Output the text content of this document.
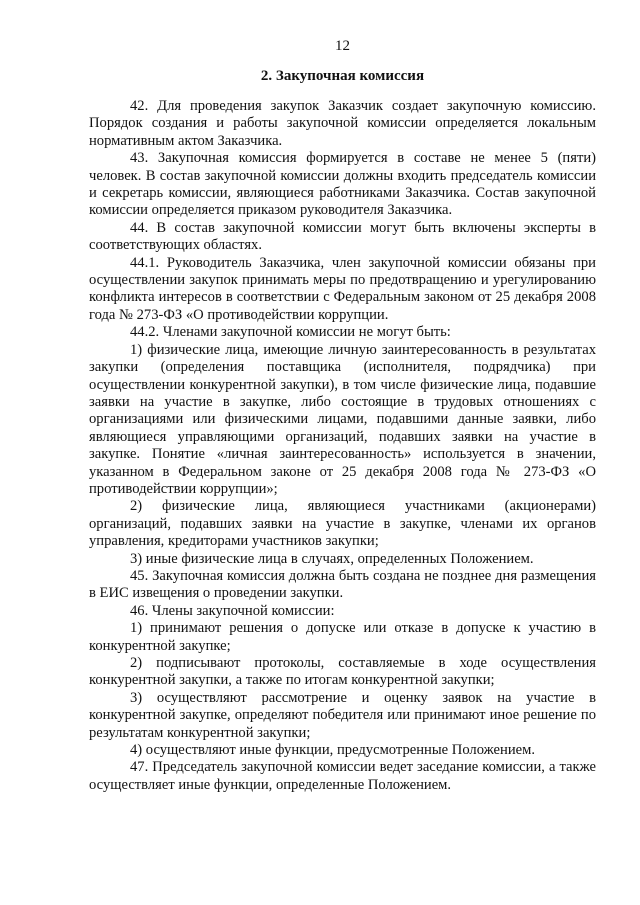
12
2. Закупочная комиссия

42. Для проведения закупок Заказчик создает закупочную комиссию. Порядок создания и работы закупочной комиссии определяется локальным нормативным актом Заказчика.

43. Закупочная комиссия формируется в составе не менее 5 (пяти) человек. В состав закупочной комиссии должны входить председатель комиссии и секретарь комиссии, являющиеся работниками Заказчика. Состав закупочной комиссии определяется приказом руководителя Заказчика.

44. В состав закупочной комиссии могут быть включены эксперты в соответствующих областях.

44.1. Руководитель Заказчика, член закупочной комиссии обязаны при осуществлении закупок принимать меры по предотвращению и урегулированию конфликта интересов в соответствии с Федеральным законом от 25 декабря 2008 года № 273-ФЗ «О противодействии коррупции.

44.2. Членами закупочной комиссии не могут быть:

1) физические лица, имеющие личную заинтересованность в результатах закупки (определения поставщика (исполнителя, подрядчика) при осуществлении конкурентной закупки), в том числе физические лица, подавшие заявки на участие в закупке, либо состоящие в трудовых отношениях с организациями или физическими лицами, подавшими данные заявки, либо являющиеся управляющими организаций, подавших заявки на участие в закупке. Понятие «личная заинтересованность» используется в значении, указанном в Федеральном законе от 25 декабря 2008 года № 273-ФЗ «О противодействии коррупции»;

2) физические лица, являющиеся участниками (акционерами) организаций, подавших заявки на участие в закупке, членами их органов управления, кредиторами участников закупки;

3) иные физические лица в случаях, определенных Положением.

45. Закупочная комиссия должна быть создана не позднее дня размещения в ЕИС извещения о проведении закупки.

46. Члены закупочной комиссии:

1) принимают решения о допуске или отказе в допуске к участию в конкурентной закупке;

2) подписывают протоколы, составляемые в ходе осуществления конкурентной закупки, а также по итогам конкурентной закупки;

3) осуществляют рассмотрение и оценку заявок на участие в конкурентной закупке, определяют победителя или принимают иное решение по результатам конкурентной закупки;

4) осуществляют иные функции, предусмотренные Положением.

47. Председатель закупочной комиссии ведет заседание комиссии, а также осуществляет иные функции, определенные Положением.
